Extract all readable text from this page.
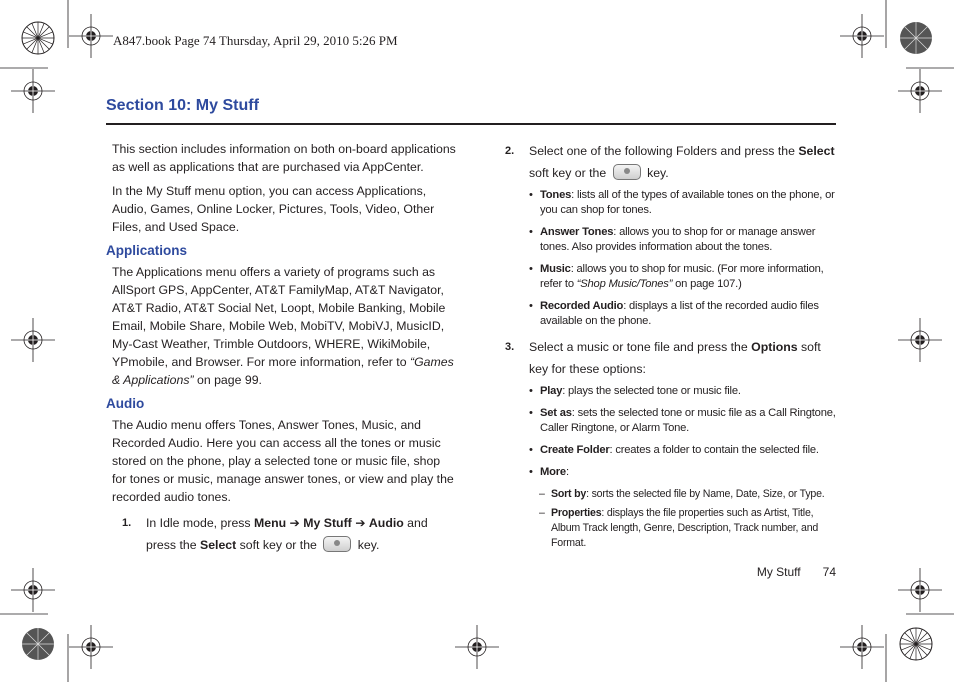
A847.book Page 74 Thursday, April 29, 2010 5:26 PM
Section 10: My Stuff

This section includes information on both on-board applications as well as applications that are purchased via AppCenter.

In the My Stuff menu option, you can access Applications, Audio, Games, Online Locker, Pictures, Tools, Video, Other Files, and Used Space.

Applications

The Applications menu offers a variety of programs such as AllSport GPS, AppCenter, AT&T FamilyMap, AT&T Navigator, AT&T Radio, AT&T Social Net, Loopt, Mobile Banking, Mobile Email, Mobile Share, Mobile Web, MobiTV, MobiVJ, MusicID, My-Cast Weather, Trimble Outdoors, WHERE, WikiMobile, YPmobile, and Browser. For more information, refer to “Games & Applications” on page 99.

Audio

The Audio menu offers Tones, Answer Tones, Music, and Recorded Audio. Here you can access all the tones or music stored on the phone, play a selected tone or music file, shop for tones or music, manage answer tones, or view and play the recorded audio tones.

1. In Idle mode, press Menu ➔ My Stuff ➔ Audio and press the Select soft key or the	key.
2. Select one of the following Folders and press the Select
soft key or the	key.
• Tones: lists all of the types of available tones on the phone, or you can shop for tones.
• Answer Tones: allows you to shop for or manage answer tones. Also provides information about the tones.
• Music: allows you to shop for music. (For more information, refer to “Shop Music/Tones” on page 107.)
• Recorded Audio: displays a list of the recorded audio files available on the phone.
3. Select a music or tone file and press the Options soft key for these options:
• Play: plays the selected tone or music file.
• Set as: sets the selected tone or music file as a Call Ringtone, Caller Ringtone, or Alarm Tone.
• Create Folder: creates a folder to contain the selected file.
• More:
– Sort by: sorts the selected file by Name, Date, Size, or Type.
– Properties: displays the file properties such as Artist, Title, Album Track length, Genre, Description, Track number, and Format.
My Stuff 74
